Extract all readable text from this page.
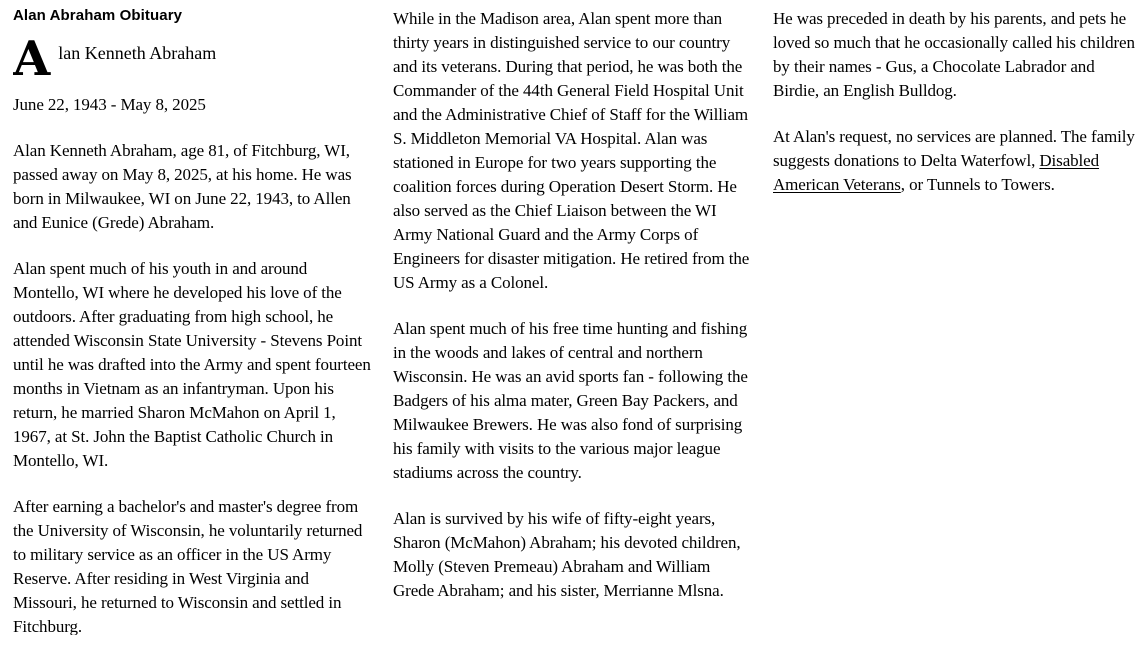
Alan Abraham Obituary
A lan Kenneth Abraham

June 22, 1943 - May 8, 2025

Alan Kenneth Abraham, age 81, of Fitchburg, WI, passed away on May 8, 2025, at his home. He was born in Milwaukee, WI on June 22, 1943, to Allen and Eunice (Grede) Abraham.

Alan spent much of his youth in and around Montello, WI where he developed his love of the outdoors. After graduating from high school, he attended Wisconsin State University - Stevens Point until he was drafted into the Army and spent fourteen months in Vietnam as an infantryman. Upon his return, he married Sharon McMahon on April 1, 1967, at St. John the Baptist Catholic Church in Montello, WI.

After earning a bachelor's and master's degree from the University of Wisconsin, he voluntarily returned to military service as an officer in the US Army Reserve. After residing in West Virginia and Missouri, he returned to Wisconsin and settled in Fitchburg.

While in the Madison area, Alan spent more than thirty years in distinguished service to our country and its veterans. During that period, he was both the Commander of the 44th General Field Hospital Unit and the Administrative Chief of Staff for the William S. Middleton Memorial VA Hospital. Alan was stationed in Europe for two years supporting the coalition forces during Operation Desert Storm. He also served as the Chief Liaison between the WI Army National Guard and the Army Corps of Engineers for disaster mitigation. He retired from the US Army as a Colonel.

Alan spent much of his free time hunting and fishing in the woods and lakes of central and northern Wisconsin. He was an avid sports fan - following the Badgers of his alma mater, Green Bay Packers, and Milwaukee Brewers. He was also fond of surprising his family with visits to the various major league stadiums across the country.

Alan is survived by his wife of fifty-eight years, Sharon (McMahon) Abraham; his devoted children, Molly (Steven Premeau) Abraham and William Grede Abraham; and his sister, Merrianne Mlsna.

He was preceded in death by his parents, and pets he loved so much that he occasionally called his children by their names - Gus, a Chocolate Labrador and Birdie, an English Bulldog.

At Alan's request, no services are planned. The family suggests donations to Delta Waterfowl, Disabled American Veterans, or Tunnels to Towers.
